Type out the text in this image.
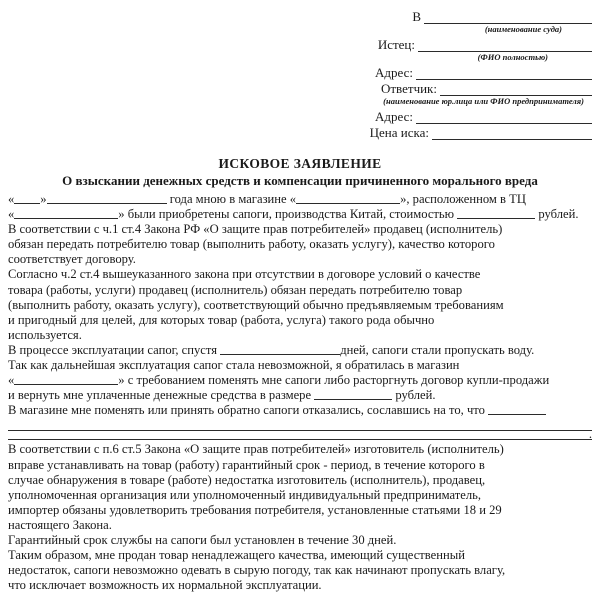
В
(наименование суда)
Истец:
(ФИО полностью)
Адрес:
Ответчик:
(наименование юр.лица или ФИО предпринимателя)
Адрес:
Цена иска:
ИСКОВОЕ ЗАЯВЛЕНИЕ
О взыскании денежных средств и компенсации причиненного морального вреда

« »	года мною в магазине «	», расположенном в ТЦ
«	» были приобретены сапоги, производства Китай, стоимостью	рублей.

В соответствии с ч.1 ст.4 Закона РФ «О защите прав потребителей» продавец (исполнитель)
обязан передать потребителю товар (выполнить работу, оказать услугу), качество которого
соответствует договору.

Согласно ч.2 ст.4 вышеуказанного закона при отсутствии в договоре условий о качестве
товара (работы, услуги) продавец (исполнитель) обязан передать потребителю товар
(выполнить работу, оказать услугу), соответствующий обычно предъявляемым требованиям
и пригодный для целей, для которых товар (работа, услуга) такого рода обычно
используется.

В процессе эксплуатации сапог, спустя	дней, сапоги стали пропускать воду.
Так как дальнейшая эксплуатация сапог стала невозможной, я обратилась в магазин
«	» с требованием поменять мне сапоги либо расторгнуть договор купли-продажи
и вернуть мне уплаченные денежные средства в размере	рублей.
В магазине мне поменять или принять обратно сапоги отказались, сославшись на то, что

.

В соответствии с п.6 ст.5 Закона «О защите прав потребителей» изготовитель (исполнитель)
вправе устанавливать на товар (работу) гарантийный срок - период, в течение которого в
случае обнаружения в товаре (работе) недостатка изготовитель (исполнитель), продавец,
уполномоченная организация или уполномоченный индивидуальный предприниматель,
импортер обязаны удовлетворить требования потребителя, установленные статьями 18 и 29
настоящего Закона.

Гарантийный срок службы на сапоги был установлен в течение 30 дней.

Таким образом, мне продан товар ненадлежащего качества, имеющий существенный
недостаток, сапоги невозможно одевать в сырую погоду, так как начинают пропускать влагу,
что исключает возможность их нормальной эксплуатации.
